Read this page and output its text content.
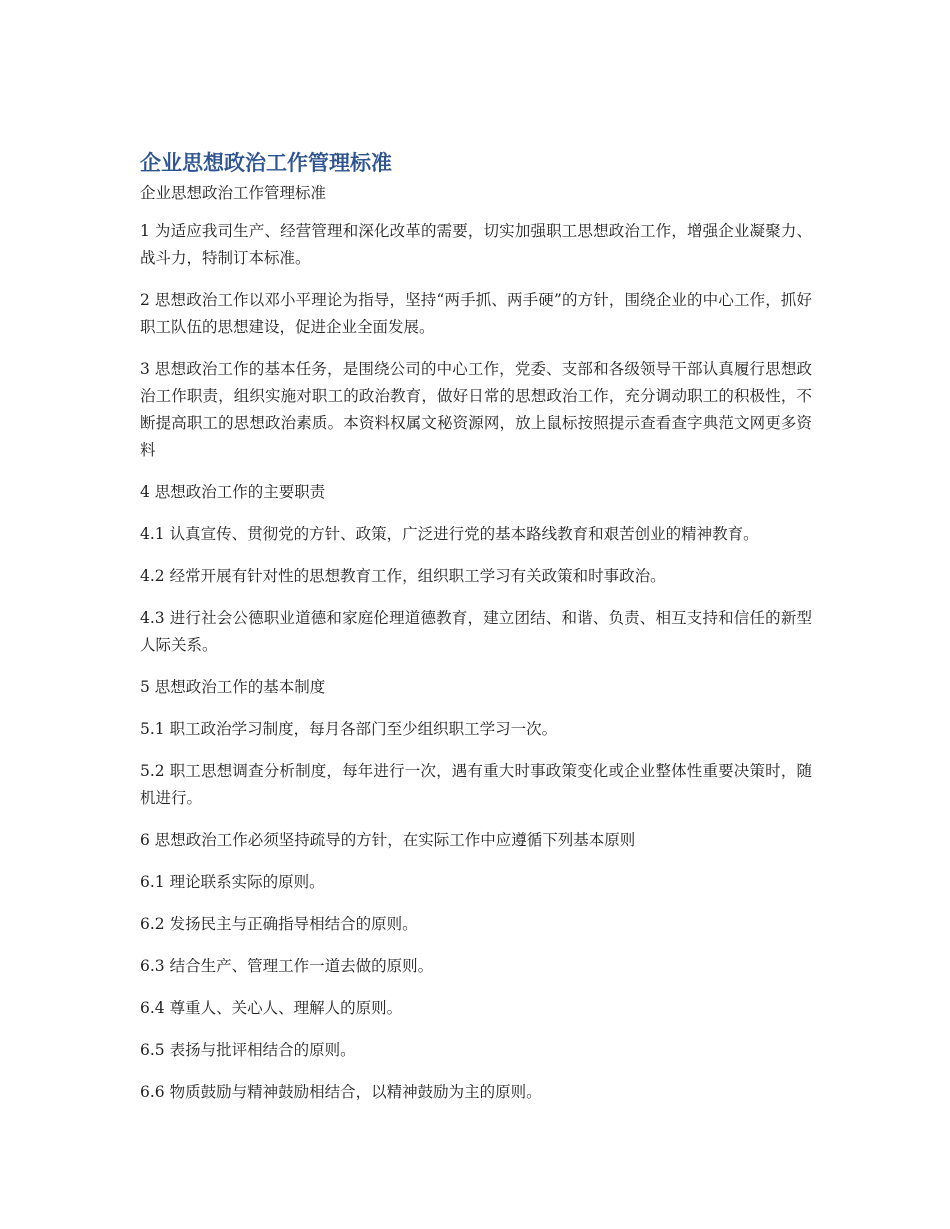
企业思想政治工作管理标准

企业思想政治工作管理标准

1 为适应我司生产、经营管理和深化改革的需要，切实加强职工思想政治工作，增强企业凝聚力、战斗力，特制订本标准。

2 思想政治工作以邓小平理论为指导，坚持“两手抓、两手硬”的方针，围绕企业的中心工作，抓好职工队伍的思想建设，促进企业全面发展。

3 思想政治工作的基本任务，是围绕公司的中心工作，党委、支部和各级领导干部认真履行思想政治工作职责，组织实施对职工的政治教育，做好日常的思想政治工作，充分调动职工的积极性，不断提高职工的思想政治素质。本资料权属文秘资源网，放上鼠标按照提示查看查字典范文网更多资料

4 思想政治工作的主要职责

4.1 认真宣传、贯彻党的方针、政策，广泛进行党的基本路线教育和艰苦创业的精神教育。

4.2 经常开展有针对性的思想教育工作，组织职工学习有关政策和时事政治。

4.3 进行社会公德职业道德和家庭伦理道德教育，建立团结、和谐、负责、相互支持和信任的新型人际关系。

5 思想政治工作的基本制度

5.1 职工政治学习制度，每月各部门至少组织职工学习一次。

5.2 职工思想调查分析制度，每年进行一次，遇有重大时事政策变化或企业整体性重要决策时，随机进行。

6 思想政治工作必须坚持疏导的方针，在实际工作中应遵循下列基本原则

6.1 理论联系实际的原则。

6.2 发扬民主与正确指导相结合的原则。

6.3 结合生产、管理工作一道去做的原则。

6.4 尊重人、关心人、理解人的原则。

6.5 表扬与批评相结合的原则。

6.6 物质鼓励与精神鼓励相结合，以精神鼓励为主的原则。
